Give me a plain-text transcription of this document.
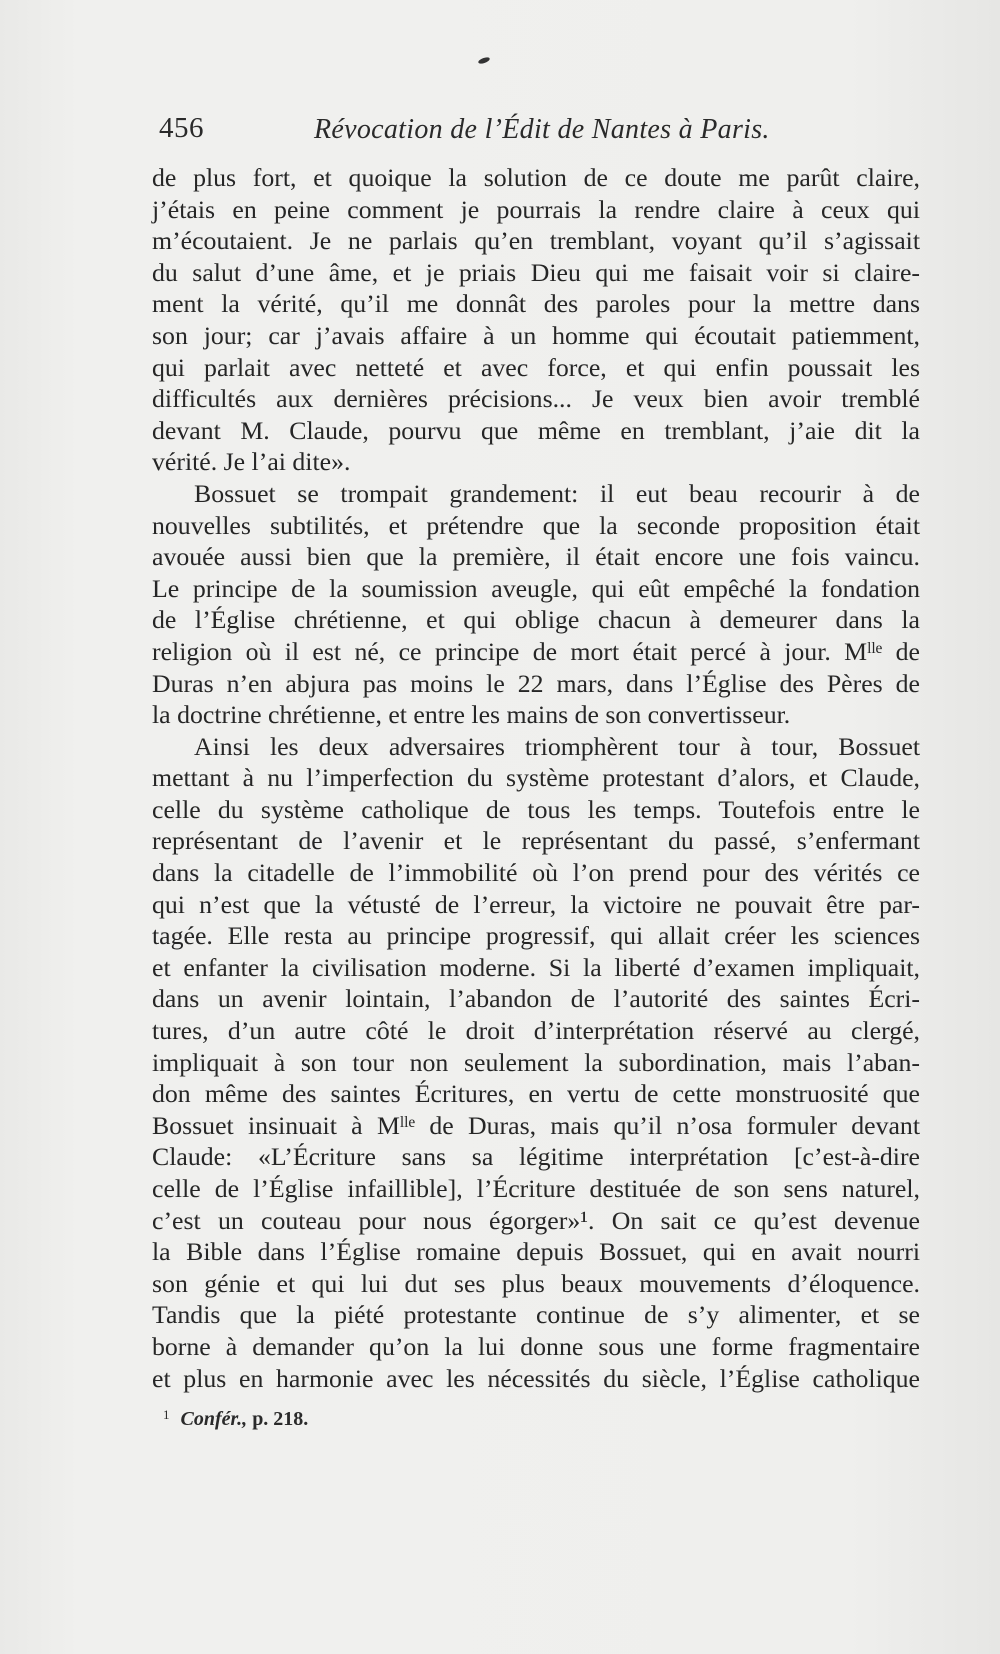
456	Révocation de l’Édit de Nantes à Paris.
de plus fort, et quoique la solution de ce doute me parût claire,
j’étais en peine comment je pourrais la rendre claire à ceux qui
m’écoutaient. Je ne parlais qu’en tremblant, voyant qu’il s’agissait
du salut d’une âme, et je priais Dieu qui me faisait voir si claire-
ment la vérité, qu’il me donnât des paroles pour la mettre dans
son jour; car j’avais affaire à un homme qui écoutait patiemment,
qui parlait avec netteté et avec force, et qui enfin poussait les
difficultés aux dernières précisions... Je veux bien avoir tremblé
devant M. Claude, pourvu que même en tremblant, j’aie dit la
vérité. Je l’ai dite».
Bossuet se trompait grandement: il eut beau recourir à de
nouvelles subtilités, et prétendre que la seconde proposition était
avouée aussi bien que la première, il était encore une fois vaincu.
Le principe de la soumission aveugle, qui eût empêché la fondation
de l’Église chrétienne, et qui oblige chacun à demeurer dans la
religion où il est né, ce principe de mort était percé à jour. Mˡˡᵉ de
Duras n’en abjura pas moins le 22 mars, dans l’Église des Pères de
la doctrine chrétienne, et entre les mains de son convertisseur.
Ainsi les deux adversaires triomphèrent tour à tour, Bossuet
mettant à nu l’imperfection du système protestant d’alors, et Claude,
celle du système catholique de tous les temps. Toutefois entre le
représentant de l’avenir et le représentant du passé, s’enfermant
dans la citadelle de l’immobilité où l’on prend pour des vérités ce
qui n’est que la vétusté de l’erreur, la victoire ne pouvait être par-
tagée. Elle resta au principe progressif, qui allait créer les sciences
et enfanter la civilisation moderne. Si la liberté d’examen impliquait,
dans un avenir lointain, l’abandon de l’autorité des saintes Écri-
tures, d’un autre côté le droit d’interprétation réservé au clergé,
impliquait à son tour non seulement la subordination, mais l’aban-
don même des saintes Écritures, en vertu de cette monstruosité que
Bossuet insinuait à Mˡˡᵉ de Duras, mais qu’il n’osa formuler devant
Claude: «L’Écriture sans sa légitime interprétation [c’est-à-dire
celle de l’Église infaillible], l’Écriture destituée de son sens naturel,
c’est un couteau pour nous égorger»¹. On sait ce qu’est devenue
la Bible dans l’Église romaine depuis Bossuet, qui en avait nourri
son génie et qui lui dut ses plus beaux mouvements d’éloquence.
Tandis que la piété protestante continue de s’y alimenter, et se
borne à demander qu’on la lui donne sous une forme fragmentaire
et plus en harmonie avec les nécessités du siècle, l’Église catholique
$^1$ Confér., p. 218.
